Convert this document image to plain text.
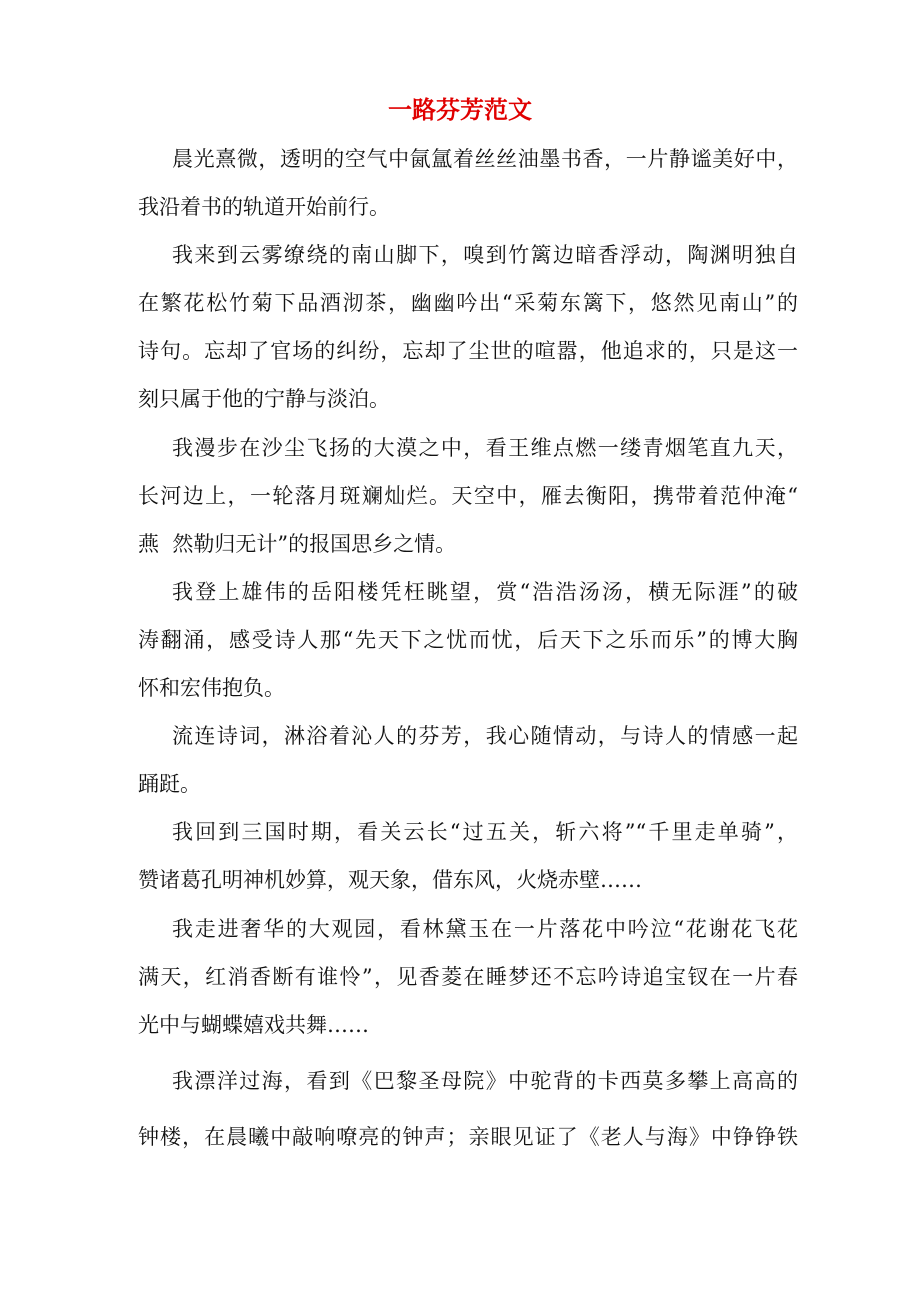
一路芬芳范文

晨光熹微，透明的空气中氤氲着丝丝油墨书香，一片静谧美好中，

我沿着书的轨道开始前行。

我来到云雾缭绕的南山脚下，嗅到竹篱边暗香浮动，陶渊明独自

在繁花松竹菊下品酒沏茶，幽幽吟出“采菊东篱下，悠然见南山”的

诗句。忘却了官场的纠纷，忘却了尘世的喧嚣，他追求的，只是这一

刻只属于他的宁静与淡泊。

我漫步在沙尘飞扬的大漠之中，看王维点燃一缕青烟笔直九天，

长河边上，一轮落月斑斓灿烂。天空中，雁去衡阳，携带着范仲淹“

燕  然勒归无计”的报国思乡之情。

我登上雄伟的岳阳楼凭枉眺望，赏“浩浩汤汤，横无际涯”的破

涛翻涌，感受诗人那“先天下之忧而忧，后天下之乐而乐”的博大胸

怀和宏伟抱负。

流连诗词，淋浴着沁人的芬芳，我心随情动，与诗人的情感一起

踊跹。

我回到三国时期，看关云长“过五关，斩六将”“千里走单骑”，

赞诸葛孔明神机妙算，观天象，借东风，火烧赤壁……

我走进奢华的大观园，看林黛玉在一片落花中吟泣“花谢花飞花

满天，红消香断有谁怜”，见香菱在睡梦还不忘吟诗追宝钗在一片春

光中与蝴蝶嬉戏共舞……

我漂洋过海，看到《巴黎圣母院》中驼背的卡西莫多攀上高高的

钟楼，在晨曦中敲响嘹亮的钟声；亲眼见证了《老人与海》中铮铮铁
